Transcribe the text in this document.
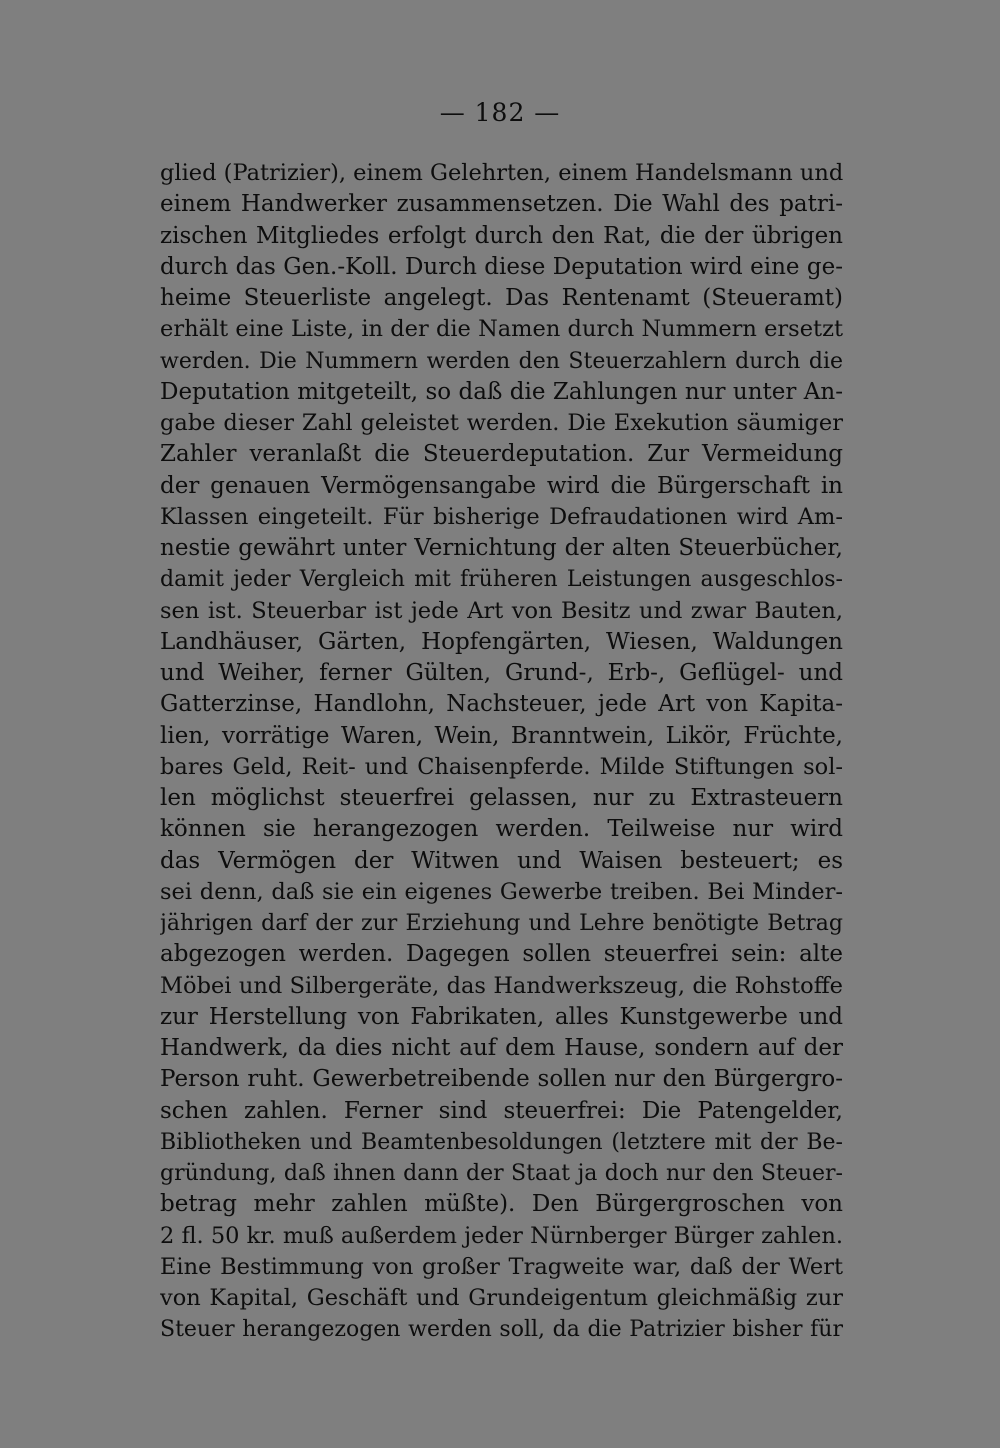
— 182 —
glied (Patrizier), einem Gelehrten, einem Handelsmann und
einem Handwerker zusammensetzen. Die Wahl des patri-
zischen Mitgliedes erfolgt durch den Rat, die der übrigen
durch das Gen.-Koll. Durch diese Deputation wird eine ge-
heime Steuerliste angelegt. Das Rentenamt (Steueramt)
erhält eine Liste, in der die Namen durch Nummern ersetzt
werden. Die Nummern werden den Steuerzahlern durch die
Deputation mitgeteilt, so daß die Zahlungen nur unter An-
gabe dieser Zahl geleistet werden. Die Exekution säumiger
Zahler veranlaßt die Steuerdeputation. Zur Vermeidung
der genauen Vermögensangabe wird die Bürgerschaft in
Klassen eingeteilt. Für bisherige Defraudationen wird Am-
nestie gewährt unter Vernichtung der alten Steuerbücher,
damit jeder Vergleich mit früheren Leistungen ausgeschlos-
sen ist. Steuerbar ist jede Art von Besitz und zwar Bauten,
Landhäuser, Gärten, Hopfengärten, Wiesen, Waldungen
und Weiher, ferner Gülten, Grund-, Erb-, Geflügel- und
Gatterzinse, Handlohn, Nachsteuer, jede Art von Kapita-
lien, vorrätige Waren, Wein, Branntwein, Likör, Früchte,
bares Geld, Reit- und Chaisenpferde. Milde Stiftungen sol-
len möglichst steuerfrei gelassen, nur zu Extrasteuern
können sie herangezogen werden. Teilweise nur wird
das Vermögen der Witwen und Waisen besteuert; es
sei denn, daß sie ein eigenes Gewerbe treiben. Bei Minder-
jährigen darf der zur Erziehung und Lehre benötigte Betrag
abgezogen werden. Dagegen sollen steuerfrei sein: alte
Möbei und Silbergeräte, das Handwerkszeug, die Rohstoffe
zur Herstellung von Fabrikaten, alles Kunstgewerbe und
Handwerk, da dies nicht auf dem Hause, sondern auf der
Person ruht. Gewerbetreibende sollen nur den Bürgergro-
schen zahlen. Ferner sind steuerfrei: Die Patengelder,
Bibliotheken und Beamtenbesoldungen (letztere mit der Be-
gründung, daß ihnen dann der Staat ja doch nur den Steuer-
betrag mehr zahlen müßte). Den Bürgergroschen von
2 fl. 50 kr. muß außerdem jeder Nürnberger Bürger zahlen.
Eine Bestimmung von großer Tragweite war, daß der Wert
von Kapital, Geschäft und Grundeigentum gleichmäßig zur
Steuer herangezogen werden soll, da die Patrizier bisher für
